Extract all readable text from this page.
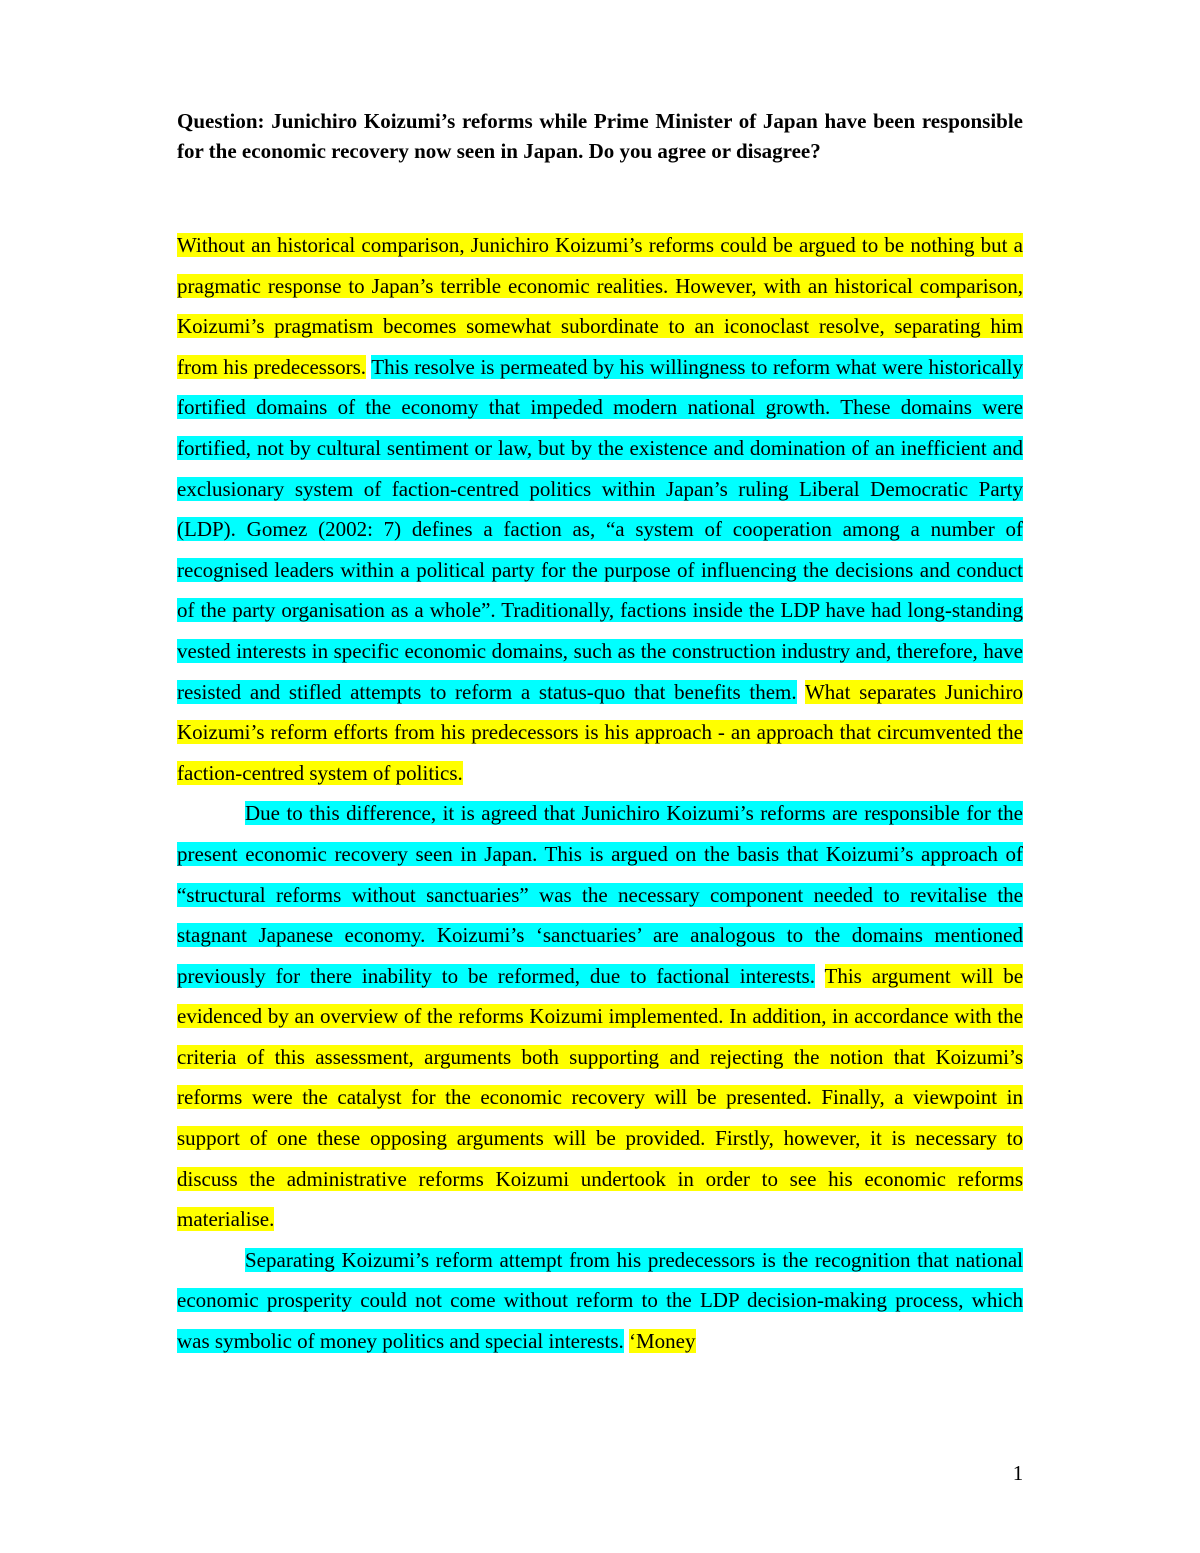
Question: Junichiro Koizumi’s reforms while Prime Minister of Japan have been responsible for the economic recovery now seen in Japan. Do you agree or disagree?

Without an historical comparison, Junichiro Koizumi’s reforms could be argued to be nothing but a pragmatic response to Japan’s terrible economic realities. However, with an historical comparison, Koizumi’s pragmatism becomes somewhat subordinate to an iconoclast resolve, separating him from his predecessors. This resolve is permeated by his willingness to reform what were historically fortified domains of the economy that impeded modern national growth. These domains were fortified, not by cultural sentiment or law, but by the existence and domination of an inefficient and exclusionary system of faction-centred politics within Japan’s ruling Liberal Democratic Party (LDP). Gomez (2002: 7) defines a faction as, “a system of cooperation among a number of recognised leaders within a political party for the purpose of influencing the decisions and conduct of the party organisation as a whole”. Traditionally, factions inside the LDP have had long-standing vested interests in specific economic domains, such as the construction industry and, therefore, have resisted and stifled attempts to reform a status-quo that benefits them. What separates Junichiro Koizumi’s reform efforts from his predecessors is his approach - an approach that circumvented the faction-centred system of politics.

Due to this difference, it is agreed that Junichiro Koizumi’s reforms are responsible for the present economic recovery seen in Japan. This is argued on the basis that Koizumi’s approach of “structural reforms without sanctuaries” was the necessary component needed to revitalise the stagnant Japanese economy. Koizumi’s ‘sanctuaries’ are analogous to the domains mentioned previously for there inability to be reformed, due to factional interests. This argument will be evidenced by an overview of the reforms Koizumi implemented. In addition, in accordance with the criteria of this assessment, arguments both supporting and rejecting the notion that Koizumi’s reforms were the catalyst for the economic recovery will be presented. Finally, a viewpoint in support of one these opposing arguments will be provided. Firstly, however, it is necessary to discuss the administrative reforms Koizumi undertook in order to see his economic reforms materialise.

Separating Koizumi’s reform attempt from his predecessors is the recognition that national economic prosperity could not come without reform to the LDP decision-making process, which was symbolic of money politics and special interests. ‘Money

1
